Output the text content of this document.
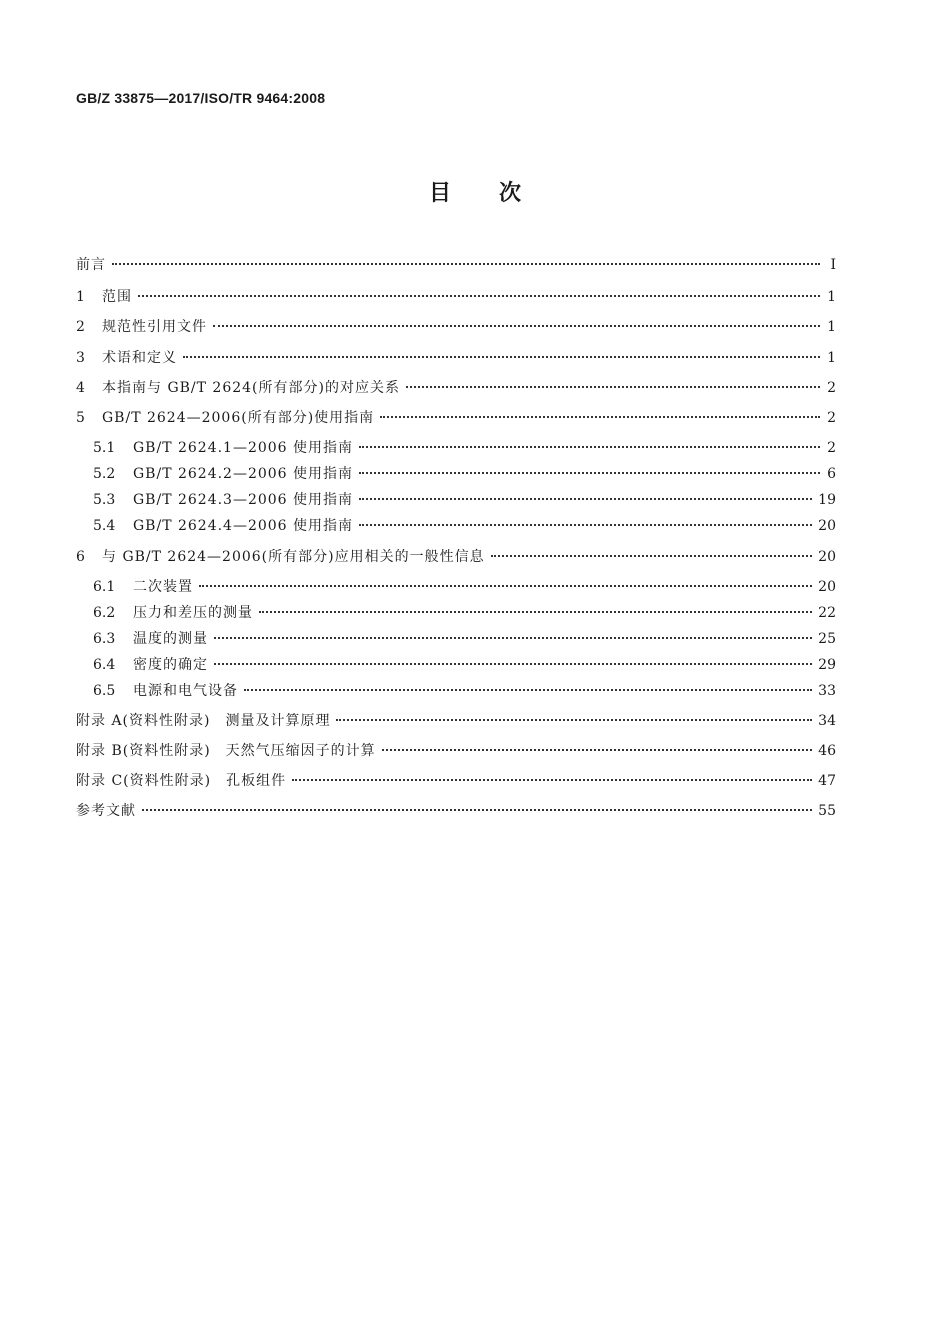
GB/Z 33875—2017/ISO/TR 9464:2008
目次
前言	Ⅰ
1	范围	1
2	规范性引用文件	1
3	术语和定义	1
4	本指南与 GB/T 2624(所有部分)的对应关系	2
5	GB/T 2624—2006(所有部分)使用指南	2
5.1	GB/T 2624.1—2006 使用指南	2
5.2	GB/T 2624.2—2006 使用指南	6
5.3	GB/T 2624.3—2006 使用指南	19
5.4	GB/T 2624.4—2006 使用指南	20
6	与 GB/T 2624—2006(所有部分)应用相关的一般性信息	20
6.1	二次装置	20
6.2	压力和差压的测量	22
6.3	温度的测量	25
6.4	密度的确定	29
6.5	电源和电气设备	33
附录 A(资料性附录)　测量及计算原理	34
附录 B(资料性附录)　天然气压缩因子的计算	46
附录 C(资料性附录)　孔板组件	47
参考文献	55
